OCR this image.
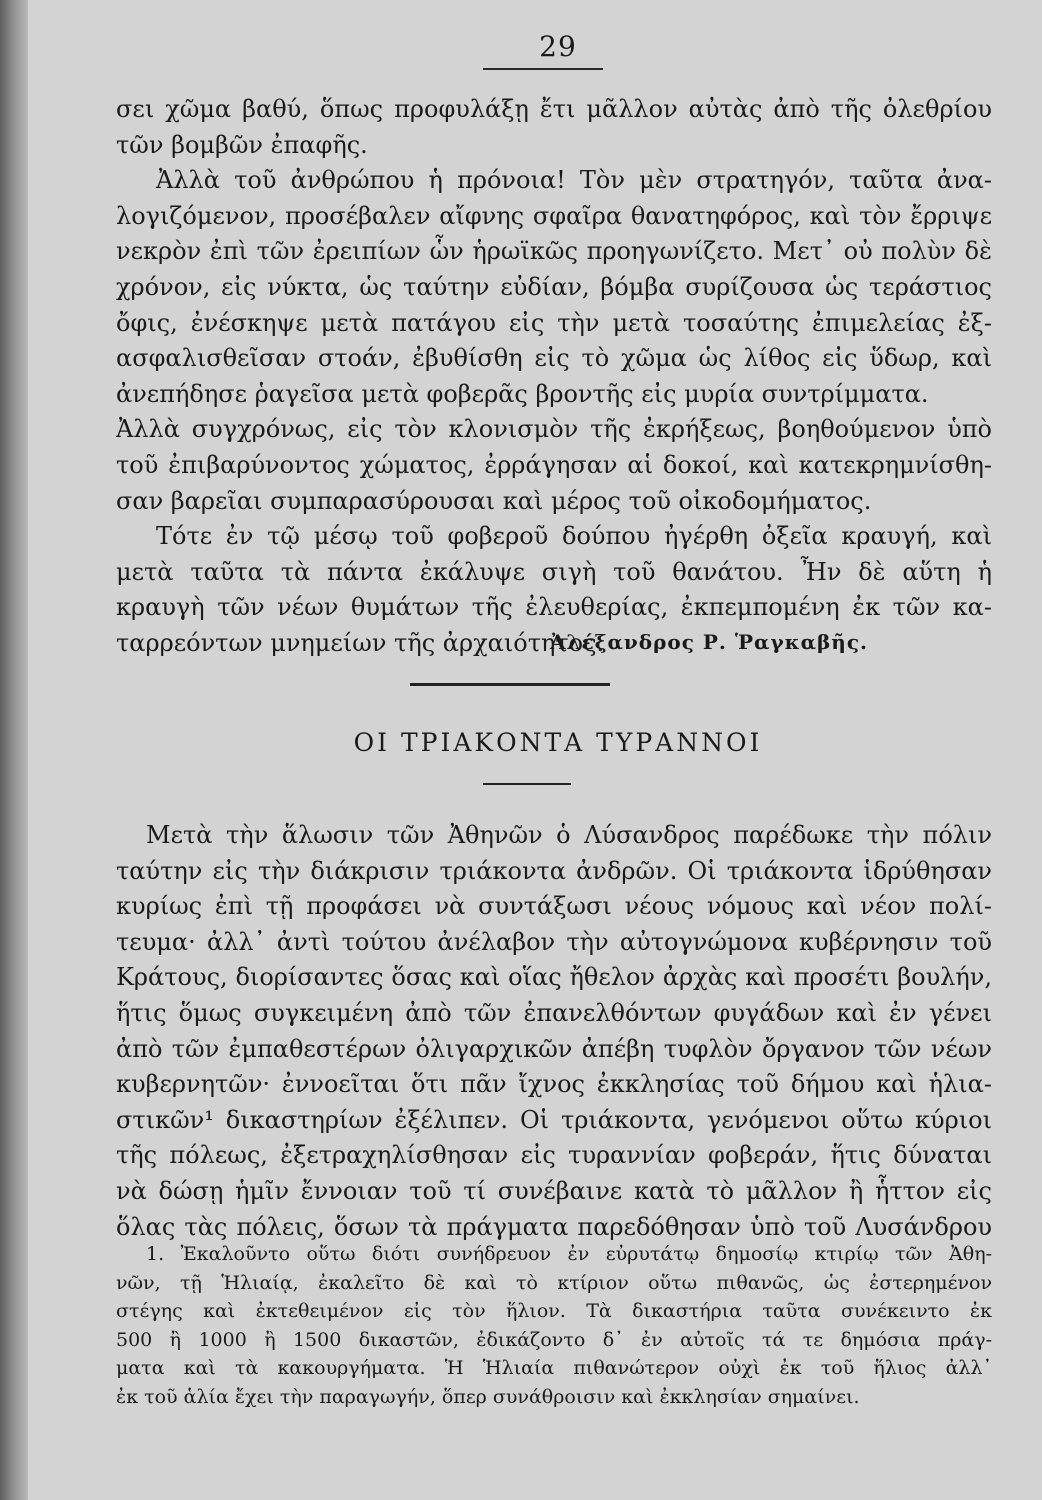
29
σει χῶμα βαθύ, ὅπως προφυλάξῃ ἔτι μᾶλλον αὐτὰς ἀπὸ τῆς ὀλεθρίου
τῶν βομβῶν ἐπαφῆς.
Ἀλλὰ τοῦ ἀνθρώπου ἡ πρόνοια! Τὸν μὲν στρατηγόν, ταῦτα ἀνα-
λογιζόμενον, προσέβαλεν αἴφνης σφαῖρα θανατηφόρος, καὶ τὸν ἔρριψε
νεκρὸν ἐπὶ τῶν ἐρειπίων ὧν ἡρωϊκῶς προηγωνίζετο. Μετ᾽ οὐ πολὺν δὲ
χρόνον, εἰς νύκτα, ὡς ταύτην εὐδίαν, βόμβα συρίζουσα ὡς τεράστιος
ὄφις, ἐνέσκηψε μετὰ πατάγου εἰς τὴν μετὰ τοσαύτης ἐπιμελείας ἐξ-
ασφαλισθεῖσαν στοάν, ἐβυθίσθη εἰς τὸ χῶμα ὡς λίθος εἰς ὕδωρ, καὶ
ἀνεπήδησε ῥαγεῖσα μετὰ φοβερᾶς βροντῆς εἰς μυρία συντρίμματα.
Ἀλλὰ συγχρόνως, εἰς τὸν κλονισμὸν τῆς ἐκρήξεως, βοηθούμενον ὑπὸ
τοῦ ἐπιβαρύνοντος χώματος, ἐρράγησαν αἱ δοκοί, καὶ κατεκρημνίσθη-
σαν βαρεῖαι συμπαρασύρουσαι καὶ μέρος τοῦ οἰκοδομήματος.
Τότε ἐν τῷ μέσῳ τοῦ φοβεροῦ δούπου ἠγέρθη ὀξεῖα κραυγή, καὶ
μετὰ ταῦτα τὰ πάντα ἐκάλυψε σιγὴ τοῦ θανάτου. Ἦν δὲ αὕτη ἡ
κραυγὴ τῶν νέων θυμάτων τῆς ἐλευθερίας, ἐκπεμπομένη ἐκ τῶν κα-
ταρρεόντων μνημείων τῆς ἀρχαιότητος.
Ἀλέξανδρος Ρ. Ῥαγκαβῆς.
ΟΙ ΤΡΙΑΚΟΝΤΑ ΤΥΡΑΝΝΟΙ
Μετὰ τὴν ἅλωσιν τῶν Ἀθηνῶν ὁ Λύσανδρος παρέδωκε τὴν πόλιν
ταύτην εἰς τὴν διάκρισιν τριάκοντα ἀνδρῶν. Οἱ τριάκοντα ἱδρύθησαν
κυρίως ἐπὶ τῇ προφάσει νὰ συντάξωσι νέους νόμους καὶ νέον πολί-
τευμα· ἀλλ᾽ ἀντὶ τούτου ἀνέλαβον τὴν αὐτογνώμονα κυβέρνησιν τοῦ
Κράτους, διορίσαντες ὅσας καὶ οἵας ἤθελον ἀρχὰς καὶ προσέτι βουλήν,
ἥτις ὅμως συγκειμένη ἀπὸ τῶν ἐπανελθόντων φυγάδων καὶ ἐν γένει
ἀπὸ τῶν ἐμπαθεστέρων ὀλιγαρχικῶν ἀπέβη τυφλὸν ὄργανον τῶν νέων
κυβερνητῶν· ἐννοεῖται ὅτι πᾶν ἴχνος ἐκκλησίας τοῦ δήμου καὶ ἡλια-
στικῶν¹ δικαστηρίων ἐξέλιπεν. Οἱ τριάκοντα, γενόμενοι οὕτω κύριοι
τῆς πόλεως, ἐξετραχηλίσθησαν εἰς τυραννίαν φοβεράν, ἥτις δύναται
νὰ δώσῃ ἡμῖν ἔννοιαν τοῦ τί συνέβαινε κατὰ τὸ μᾶλλον ἢ ἧττον εἰς
ὅλας τὰς πόλεις, ὅσων τὰ πράγματα παρεδόθησαν ὑπὸ τοῦ Λυσάνδρου
1. Ἐκαλοῦντο οὕτω διότι συνήδρευον ἐν εὐρυτάτῳ δημοσίῳ κτιρίῳ τῶν Ἀθη-
νῶν, τῇ Ἡλιαίᾳ, ἐκαλεῖτο δὲ καὶ τὸ κτίριον οὕτω πιθανῶς, ὡς ἐστερημένον
στέγης καὶ ἐκτεθειμένον εἰς τὸν ἥλιον. Τὰ δικαστήρια ταῦτα συνέκειντο ἐκ
500 ἢ 1000 ἢ 1500 δικαστῶν, ἐδικάζοντο δ᾽ ἐν αὐτοῖς τά τε δημόσια πράγ-
ματα καὶ τὰ κακουργήματα. Ἡ Ἡλιαία πιθανώτερον οὐχὶ ἐκ τοῦ ἥλιος ἀλλ᾽
ἐκ τοῦ ἁλία ἔχει τὴν παραγωγήν, ὅπερ συνάθροισιν καὶ ἐκκλησίαν σημαίνει.
